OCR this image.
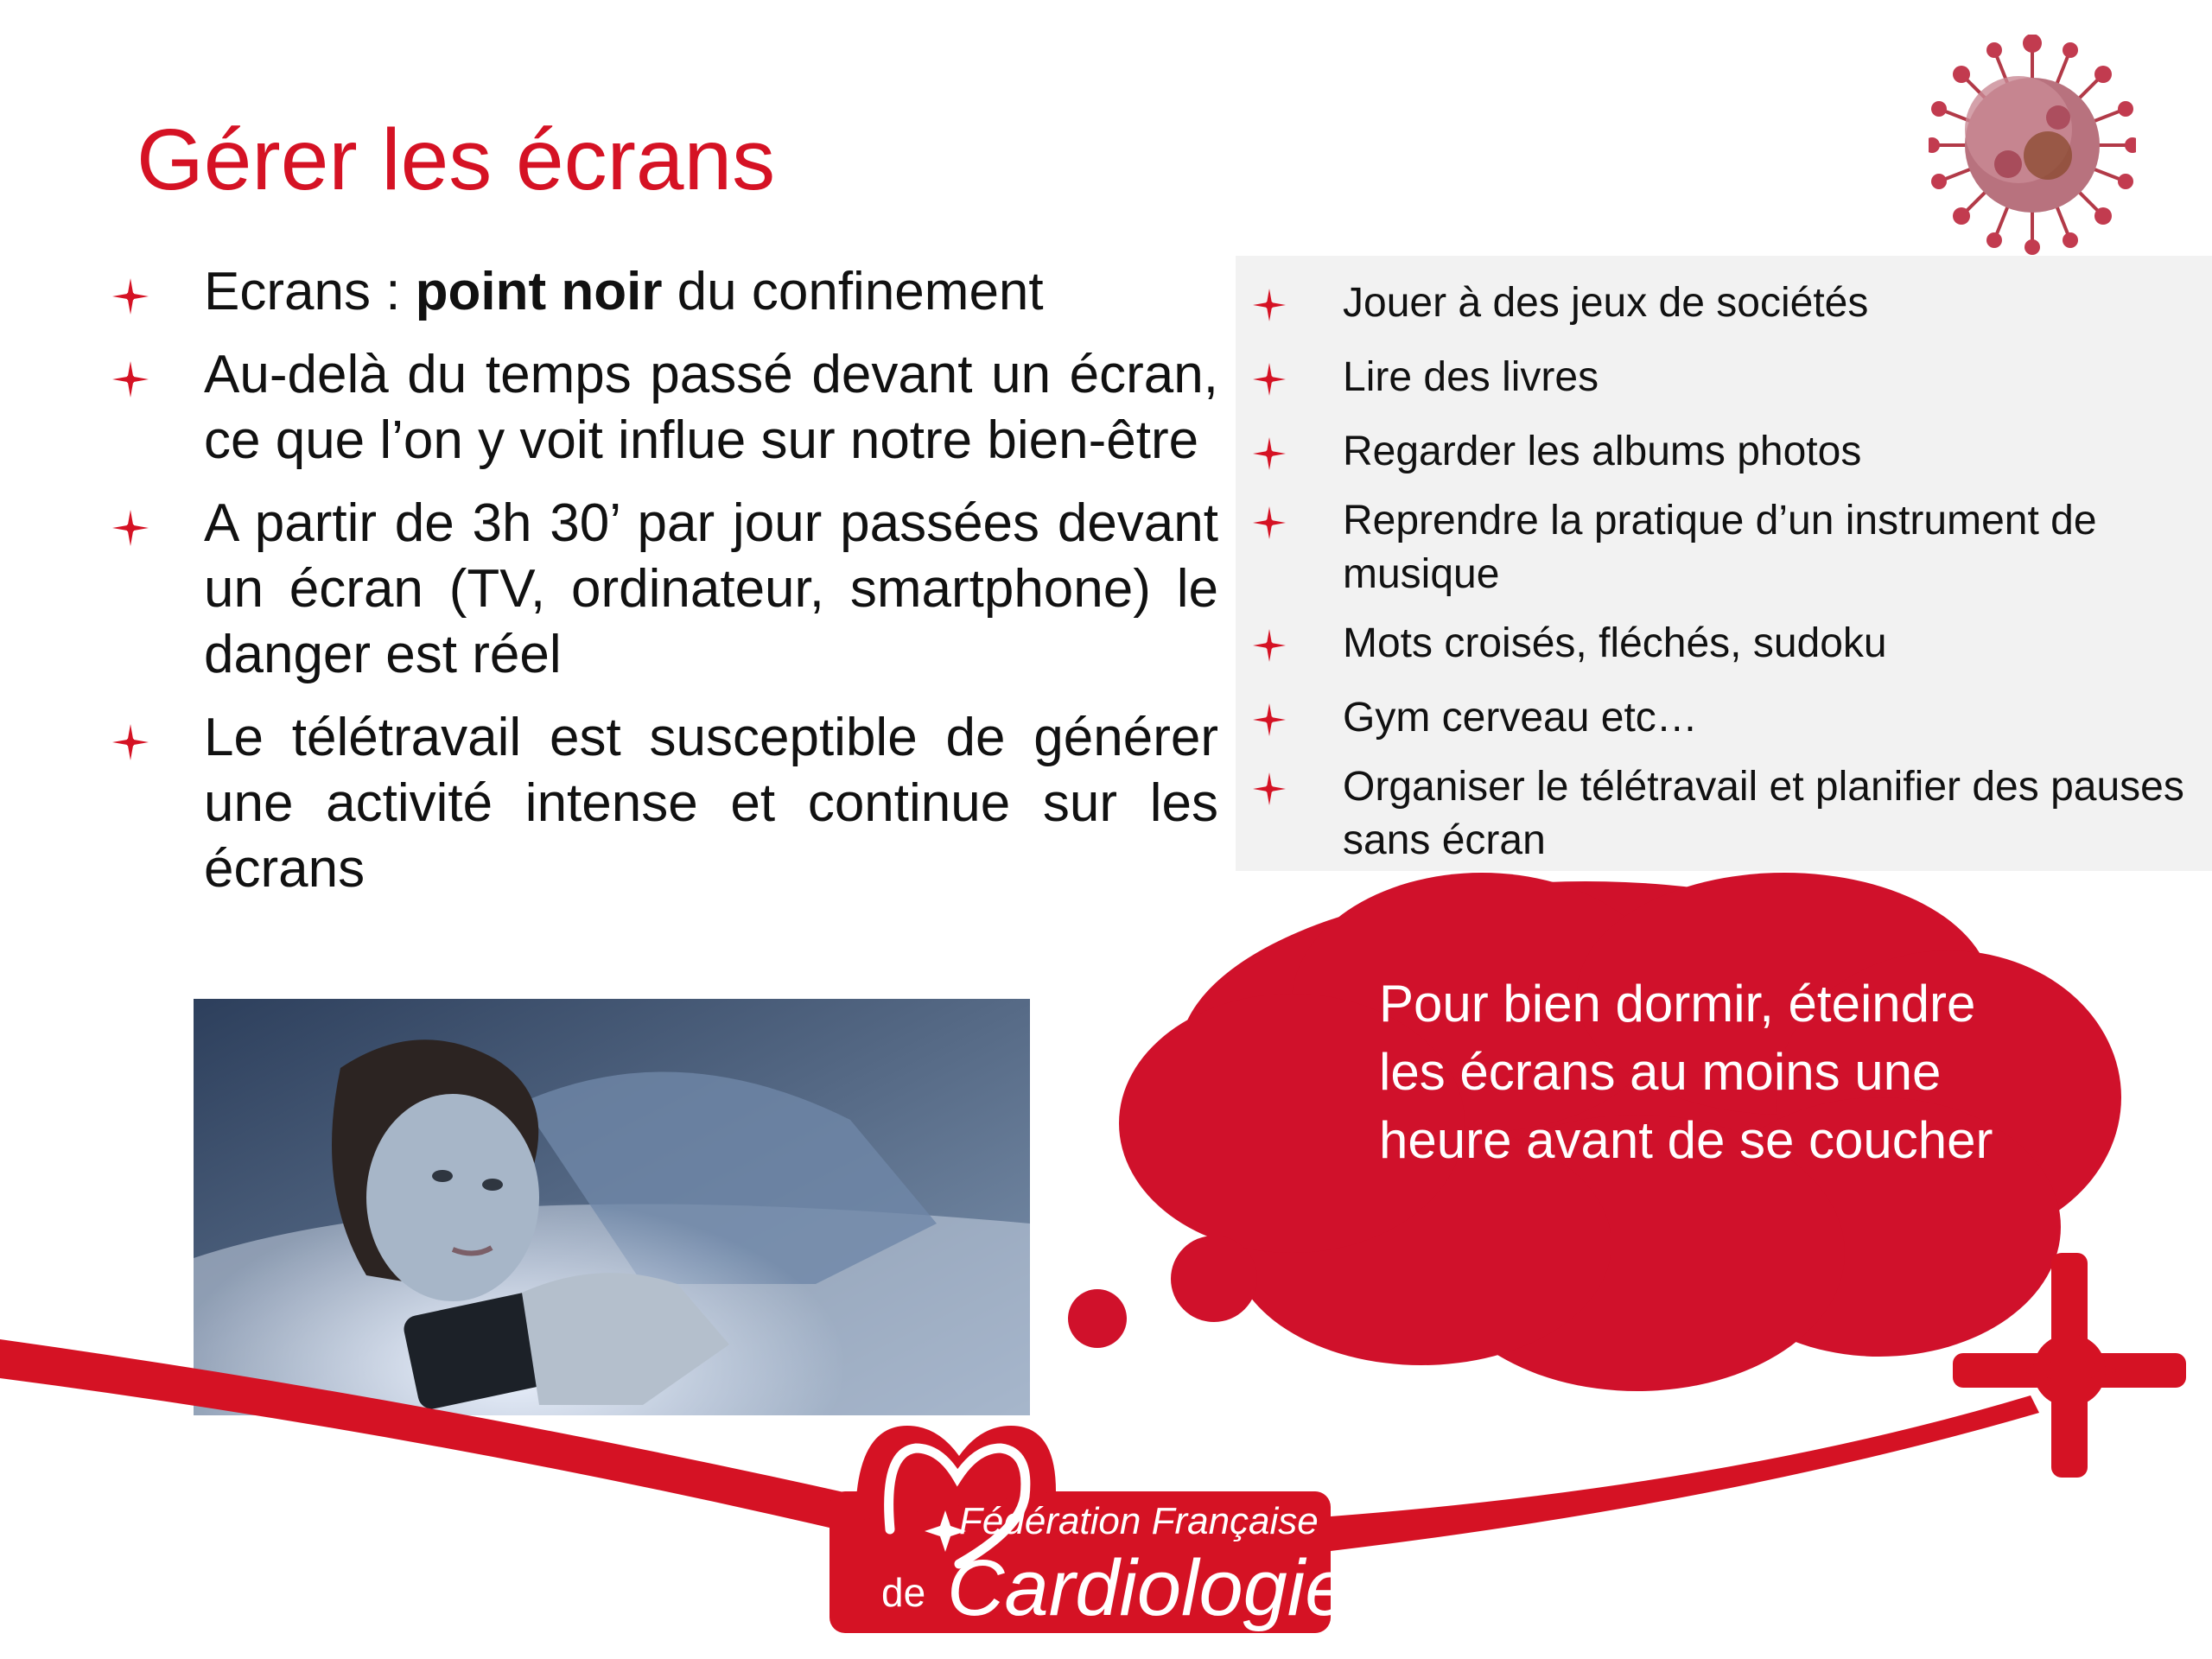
Gérer les écrans
Ecrans : point noir du confinement
Au-delà du temps passé devant un écran, ce que l’on y voit influe sur notre bien-être
A partir de 3h 30’ par jour passées devant un écran (TV, ordinateur, smartphone) le danger est réel
Le télétravail est susceptible de générer une activité intense et continue sur les écrans
Jouer à des jeux de sociétés
Lire des livres
Regarder les albums photos
Reprendre la pratique d’un instrument de musique
Mots croisés, fléchés, sudoku
Gym cerveau etc…
Organiser le télétravail et planifier des pauses sans écran
Pour bien dormir, éteindre les écrans au moins une heure avant de se coucher
Fédération Française
de Cardiologie
